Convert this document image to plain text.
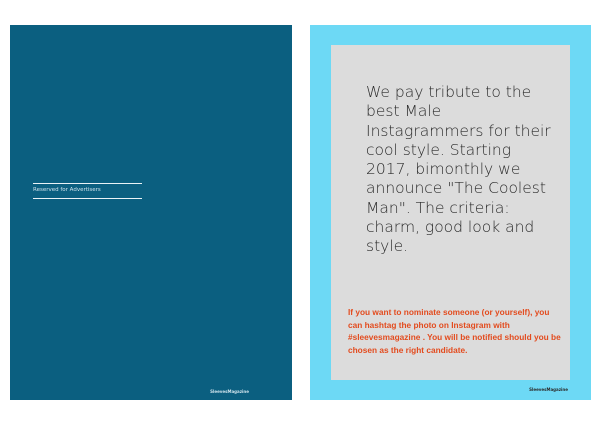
Reserved for Advertisers
SleevesMagazine

We pay tribute to the best Male Instagrammers for their cool style. Starting 2017, bimonthly we announce "The Coolest Man". The criteria: charm, good look and style.

If you want to nominate someone (or yourself), you can hashtag the photo on Instagram with #sleevesmagazine . You will be notified should you be chosen as the right candidate.

SleevesMagazine
